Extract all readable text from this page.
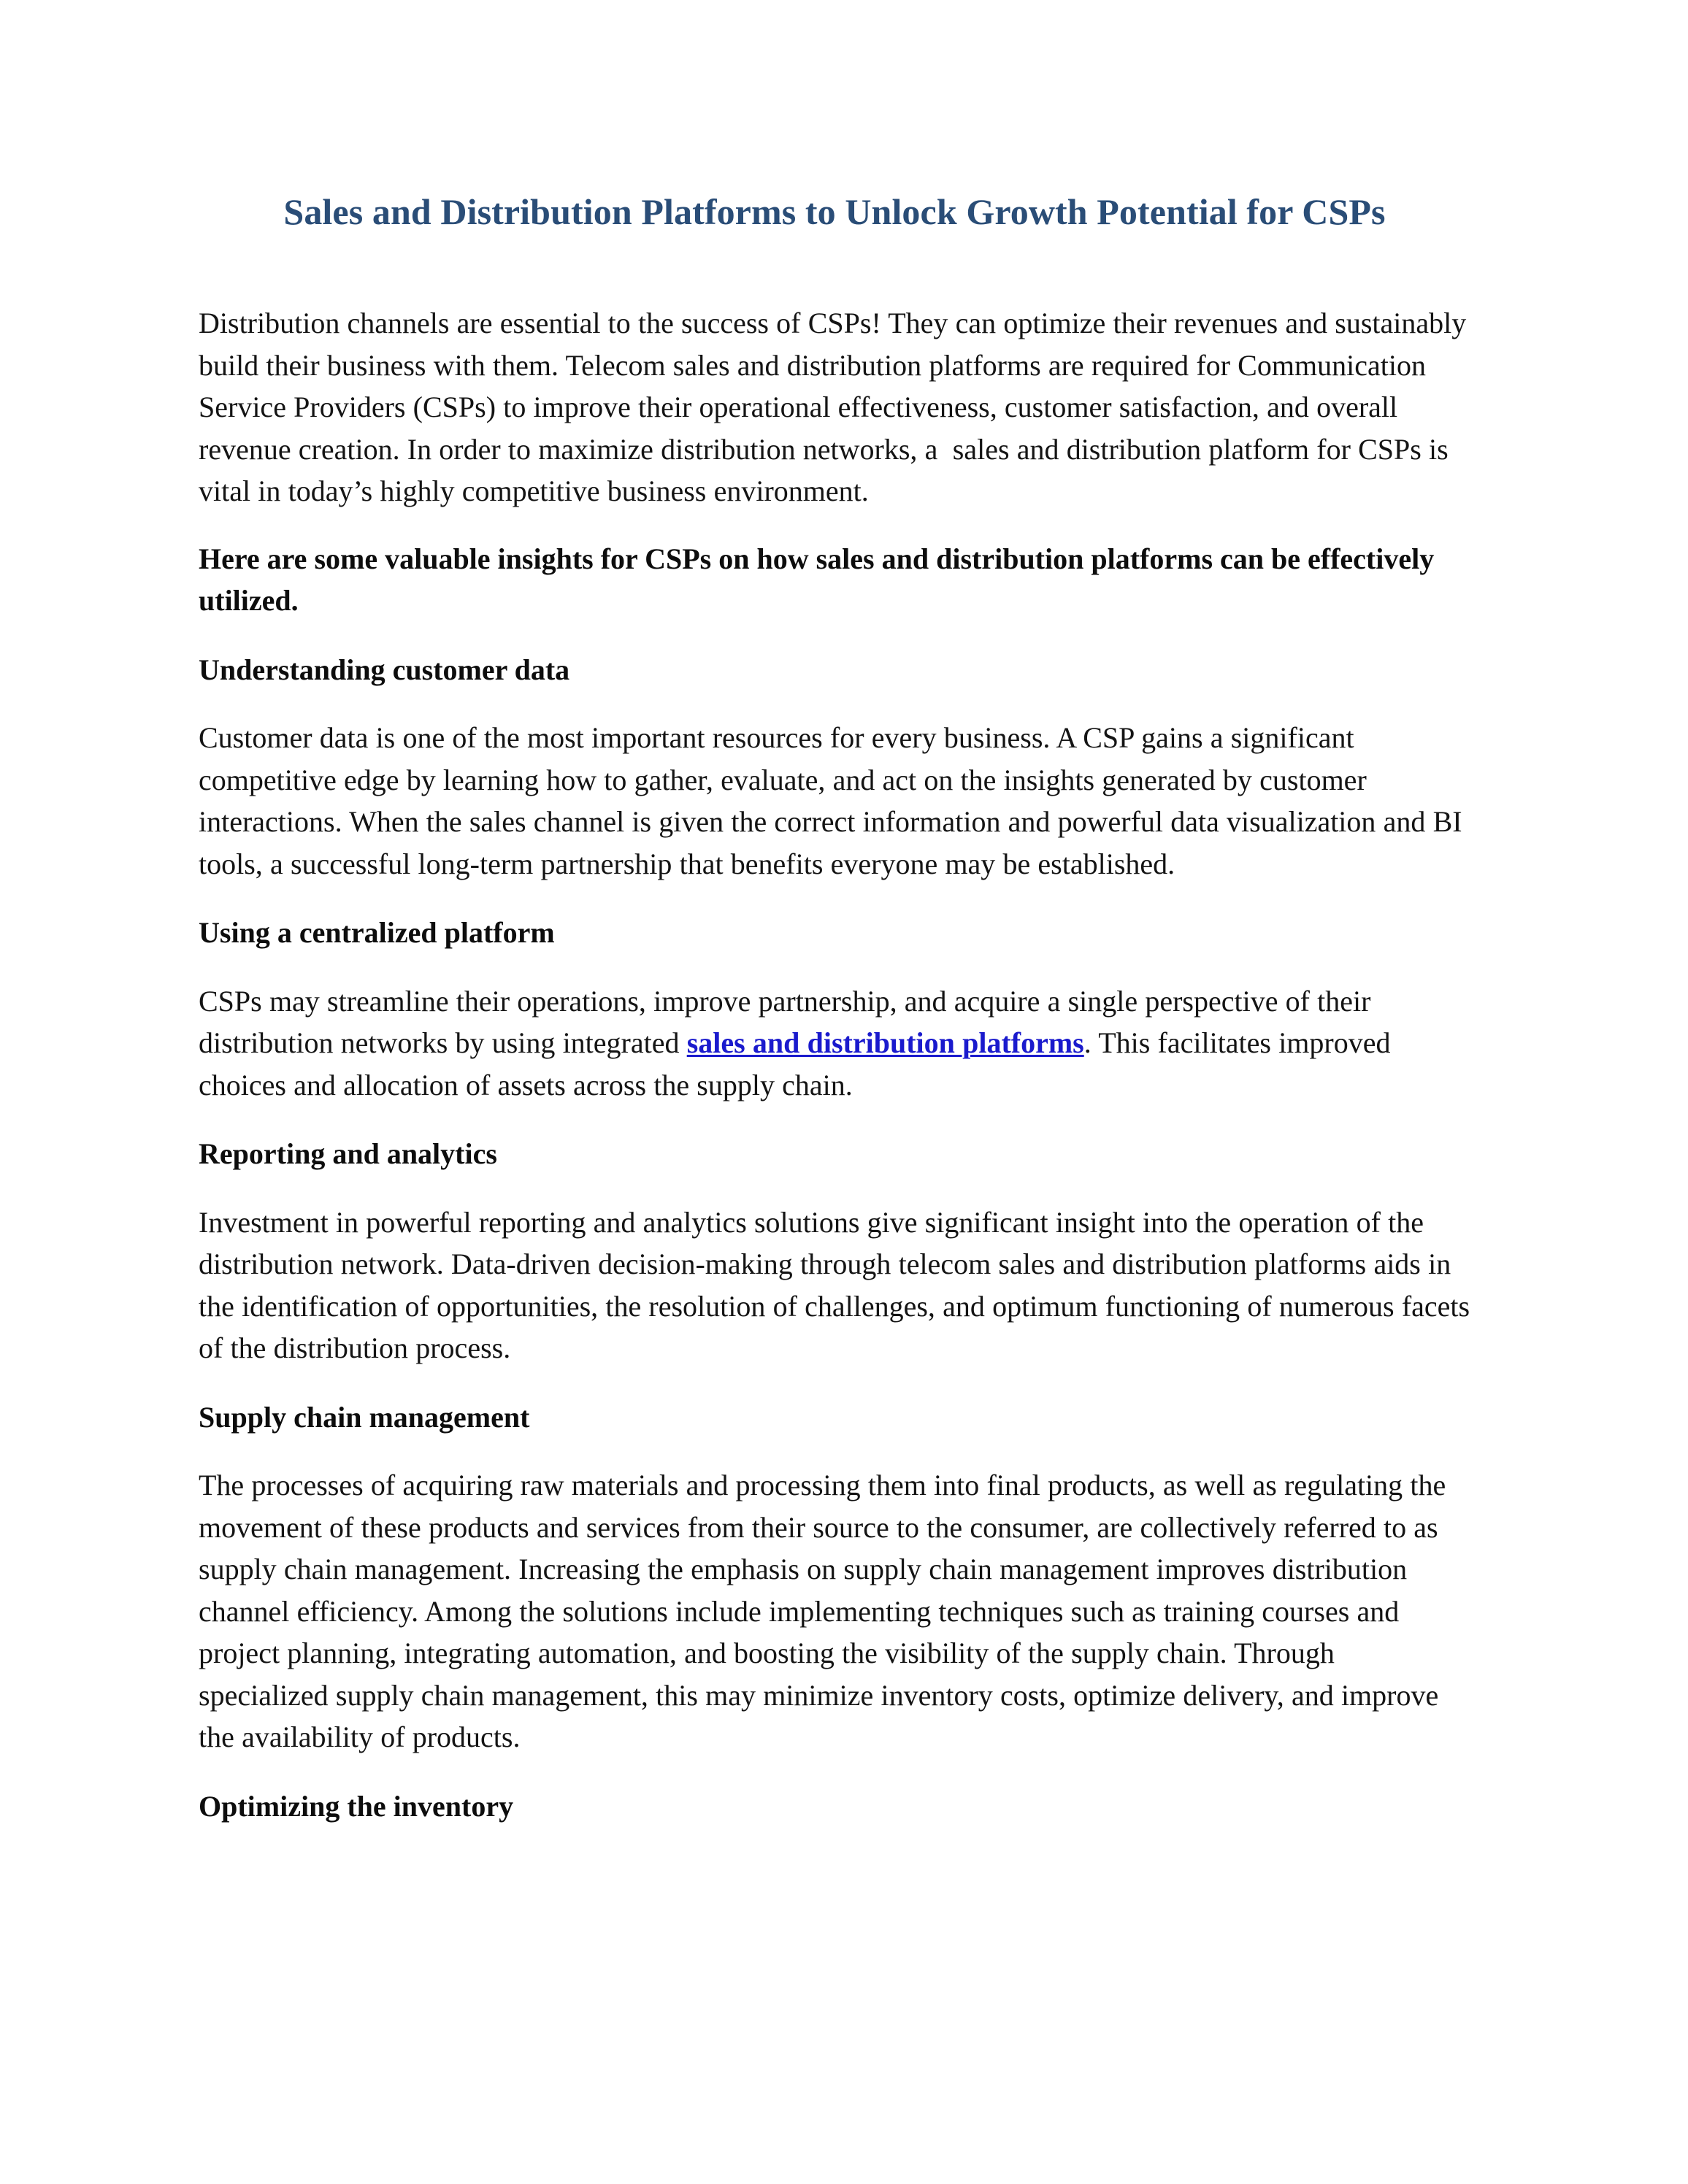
Sales and Distribution Platforms to Unlock Growth Potential for CSPs

Distribution channels are essential to the success of CSPs! They can optimize their revenues and sustainably build their business with them. Telecom sales and distribution platforms are required for Communication Service Providers (CSPs) to improve their operational effectiveness, customer satisfaction, and overall revenue creation. In order to maximize distribution networks, a  sales and distribution platform for CSPs is vital in today’s highly competitive business environment.

Here are some valuable insights for CSPs on how sales and distribution platforms can be effectively utilized.

Understanding customer data

Customer data is one of the most important resources for every business. A CSP gains a significant competitive edge by learning how to gather, evaluate, and act on the insights generated by customer interactions. When the sales channel is given the correct information and powerful data visualization and BI tools, a successful long-term partnership that benefits everyone may be established.

Using a centralized platform

CSPs may streamline their operations, improve partnership, and acquire a single perspective of their distribution networks by using integrated sales and distribution platforms. This facilitates improved choices and allocation of assets across the supply chain.

Reporting and analytics

Investment in powerful reporting and analytics solutions give significant insight into the operation of the distribution network. Data-driven decision-making through telecom sales and distribution platforms aids in the identification of opportunities, the resolution of challenges, and optimum functioning of numerous facets of the distribution process.

Supply chain management

The processes of acquiring raw materials and processing them into final products, as well as regulating the movement of these products and services from their source to the consumer, are collectively referred to as supply chain management. Increasing the emphasis on supply chain management improves distribution channel efficiency. Among the solutions include implementing techniques such as training courses and project planning, integrating automation, and boosting the visibility of the supply chain. Through specialized supply chain management, this may minimize inventory costs, optimize delivery, and improve the availability of products.

Optimizing the inventory
